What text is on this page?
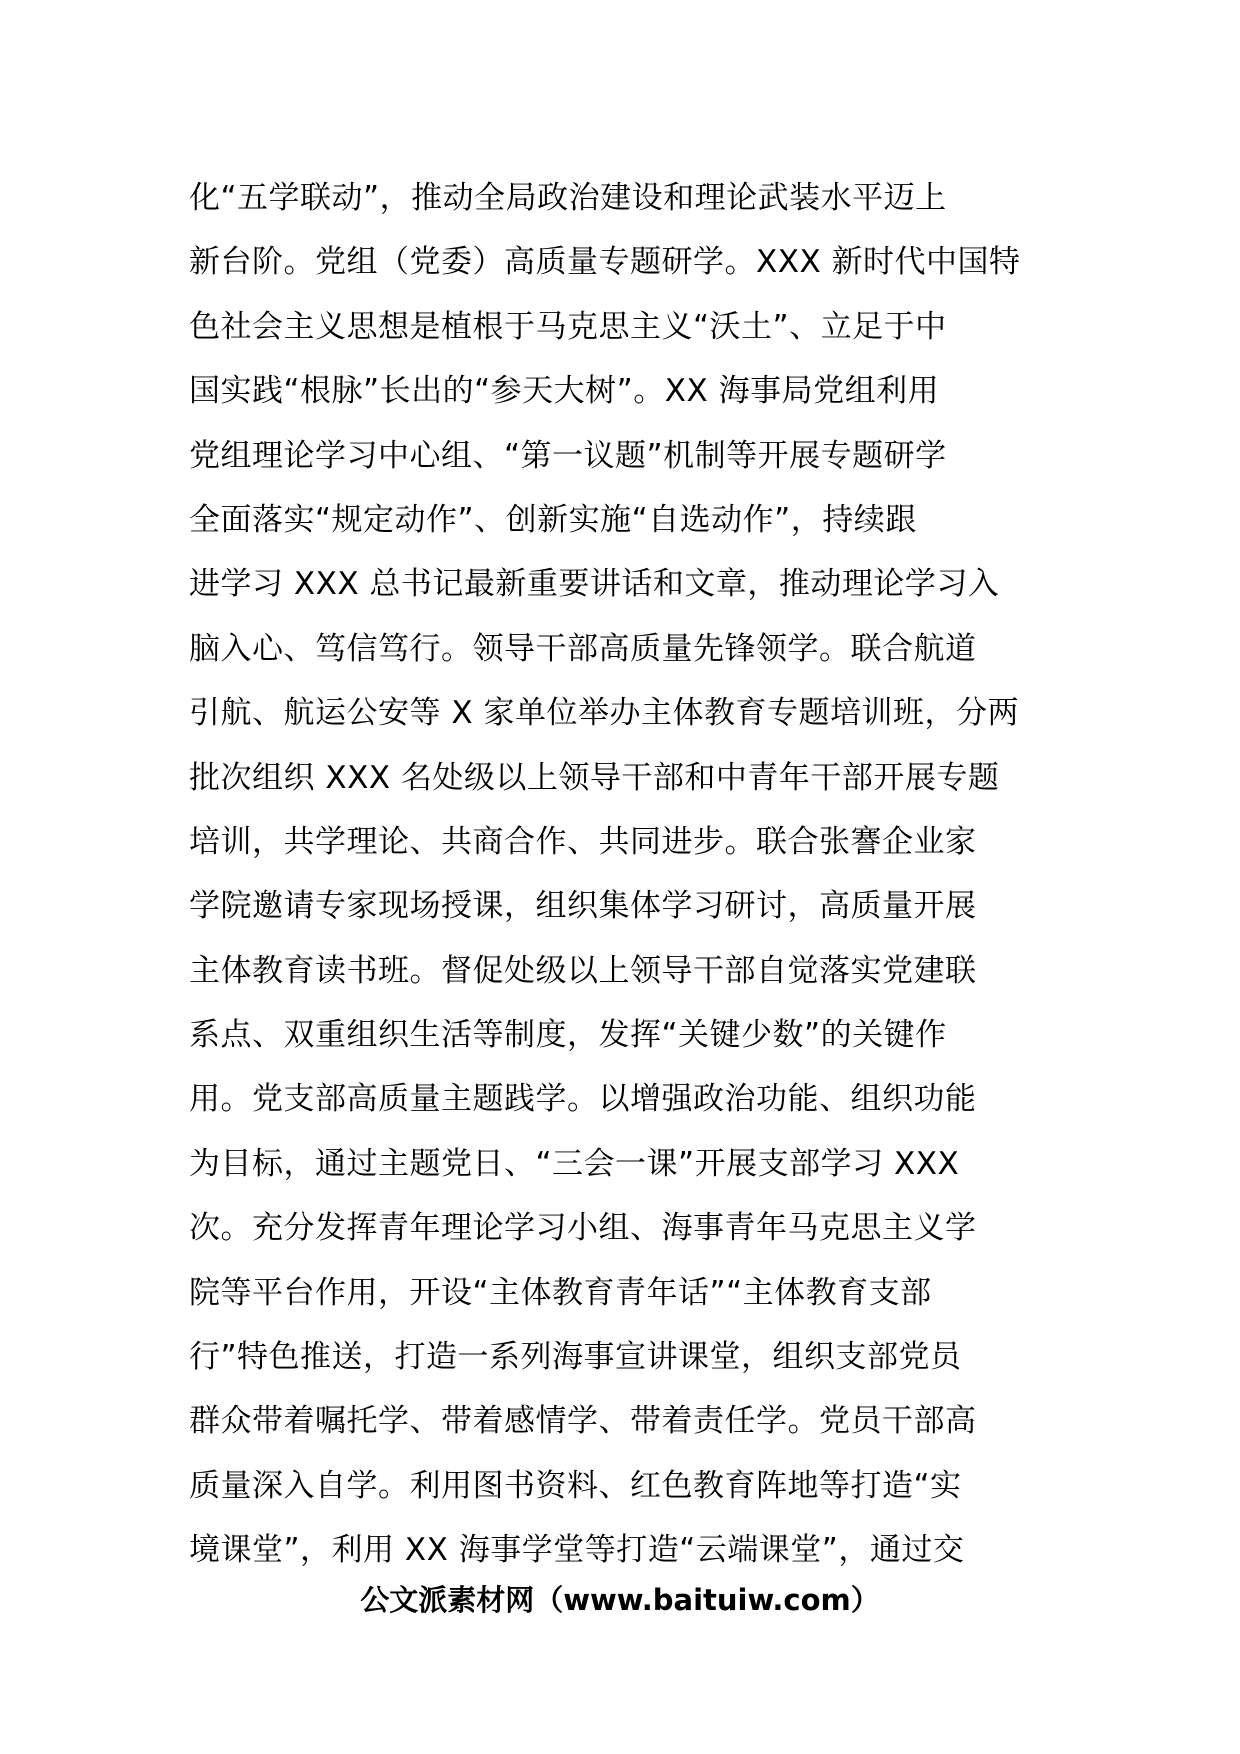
化“五学联动”，推动全局政治建设和理论武装水平迈上
新台阶。党组（党委）高质量专题研学。XXX 新时代中国特
色社会主义思想是植根于马克思主义“沃土”、立足于中
国实践“根脉”长出的“参天大树”。XX 海事局党组利用
党组理论学习中心组、“第一议题”机制等开展专题研学
全面落实“规定动作”、创新实施“自选动作”，持续跟
进学习 XXX 总书记最新重要讲话和文章，推动理论学习入
脑入心、笃信笃行。领导干部高质量先锋领学。联合航道
引航、航运公安等 X 家单位举办主体教育专题培训班，分两
批次组织 XXX 名处级以上领导干部和中青年干部开展专题
培训，共学理论、共商合作、共同进步。联合张謇企业家
学院邀请专家现场授课，组织集体学习研讨，高质量开展
主体教育读书班。督促处级以上领导干部自觉落实党建联
系点、双重组织生活等制度，发挥“关键少数”的关键作
用。党支部高质量主题践学。以增强政治功能、组织功能
为目标，通过主题党日、“三会一课”开展支部学习 XXX
次。充分发挥青年理论学习小组、海事青年马克思主义学
院等平台作用，开设“主体教育青年话”“主体教育支部
行”特色推送，打造一系列海事宣讲课堂，组织支部党员
群众带着嘱托学、带着感情学、带着责任学。党员干部高
质量深入自学。利用图书资料、红色教育阵地等打造“实
境课堂”，利用 XX 海事学堂等打造“云端课堂”，通过交
公文派素材网（www.baituiw.com）
